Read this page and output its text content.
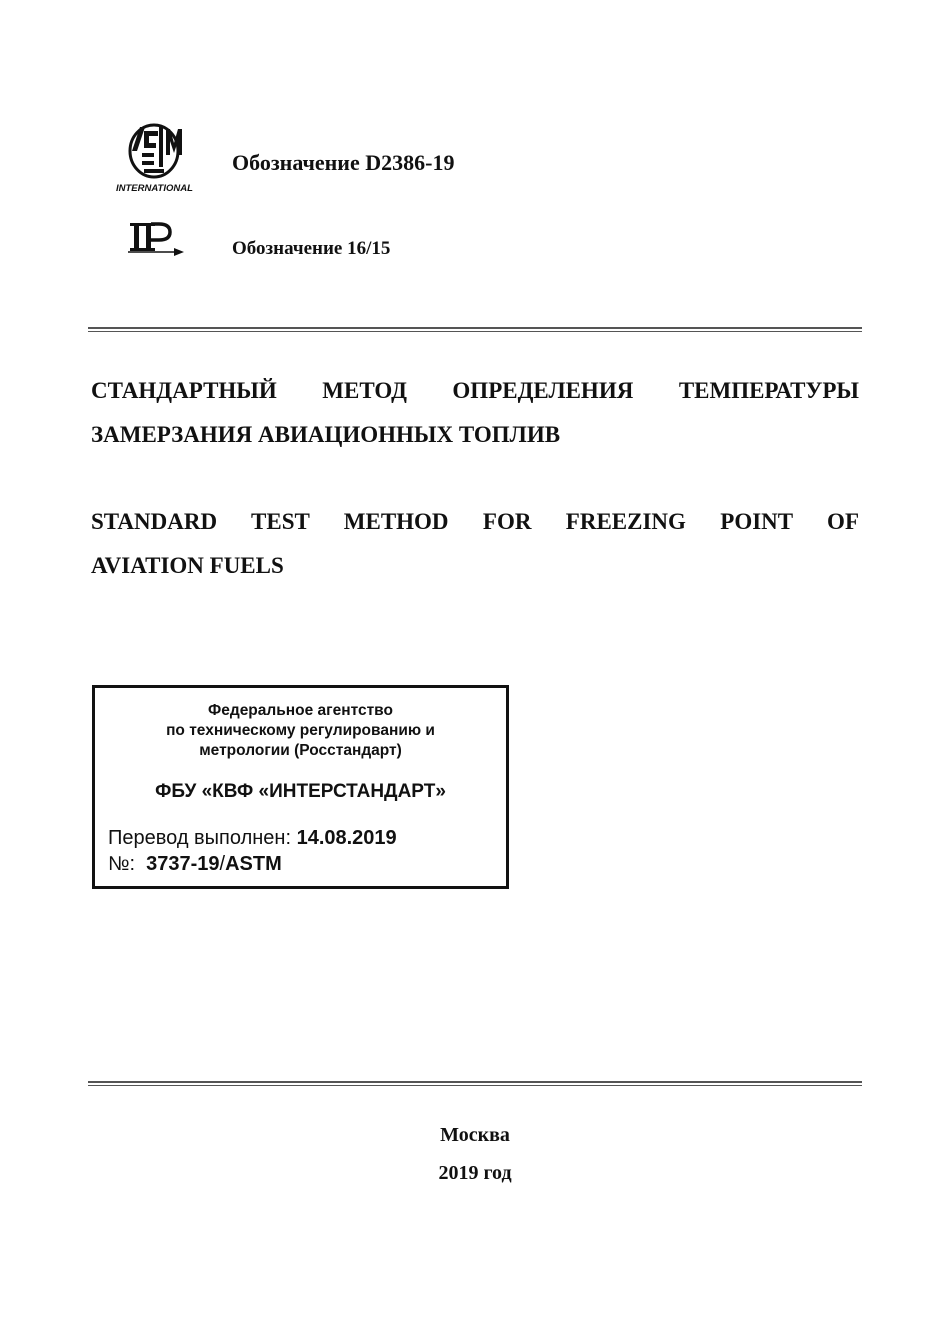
INTERNATIONAL
Обозначение D2386-19
Обозначение 16/15
СТАНДАРТНЫЙ МЕТОД ОПРЕДЕЛЕНИЯ ТЕМПЕРАТУРЫ
ЗАМЕРЗАНИЯ АВИАЦИОННЫХ ТОПЛИВ
STANDARD TEST METHOD FOR FREEZING POINT OF
AVIATION FUELS
Федеральное агентство
по техническому регулированию и
метрологии (Росстандарт)
ФБУ «КВФ «ИНТЕРСТАНДАРТ»
Перевод выполнен: 14.08.2019
№:  3737-19/ASTM
Москва
2019 год
